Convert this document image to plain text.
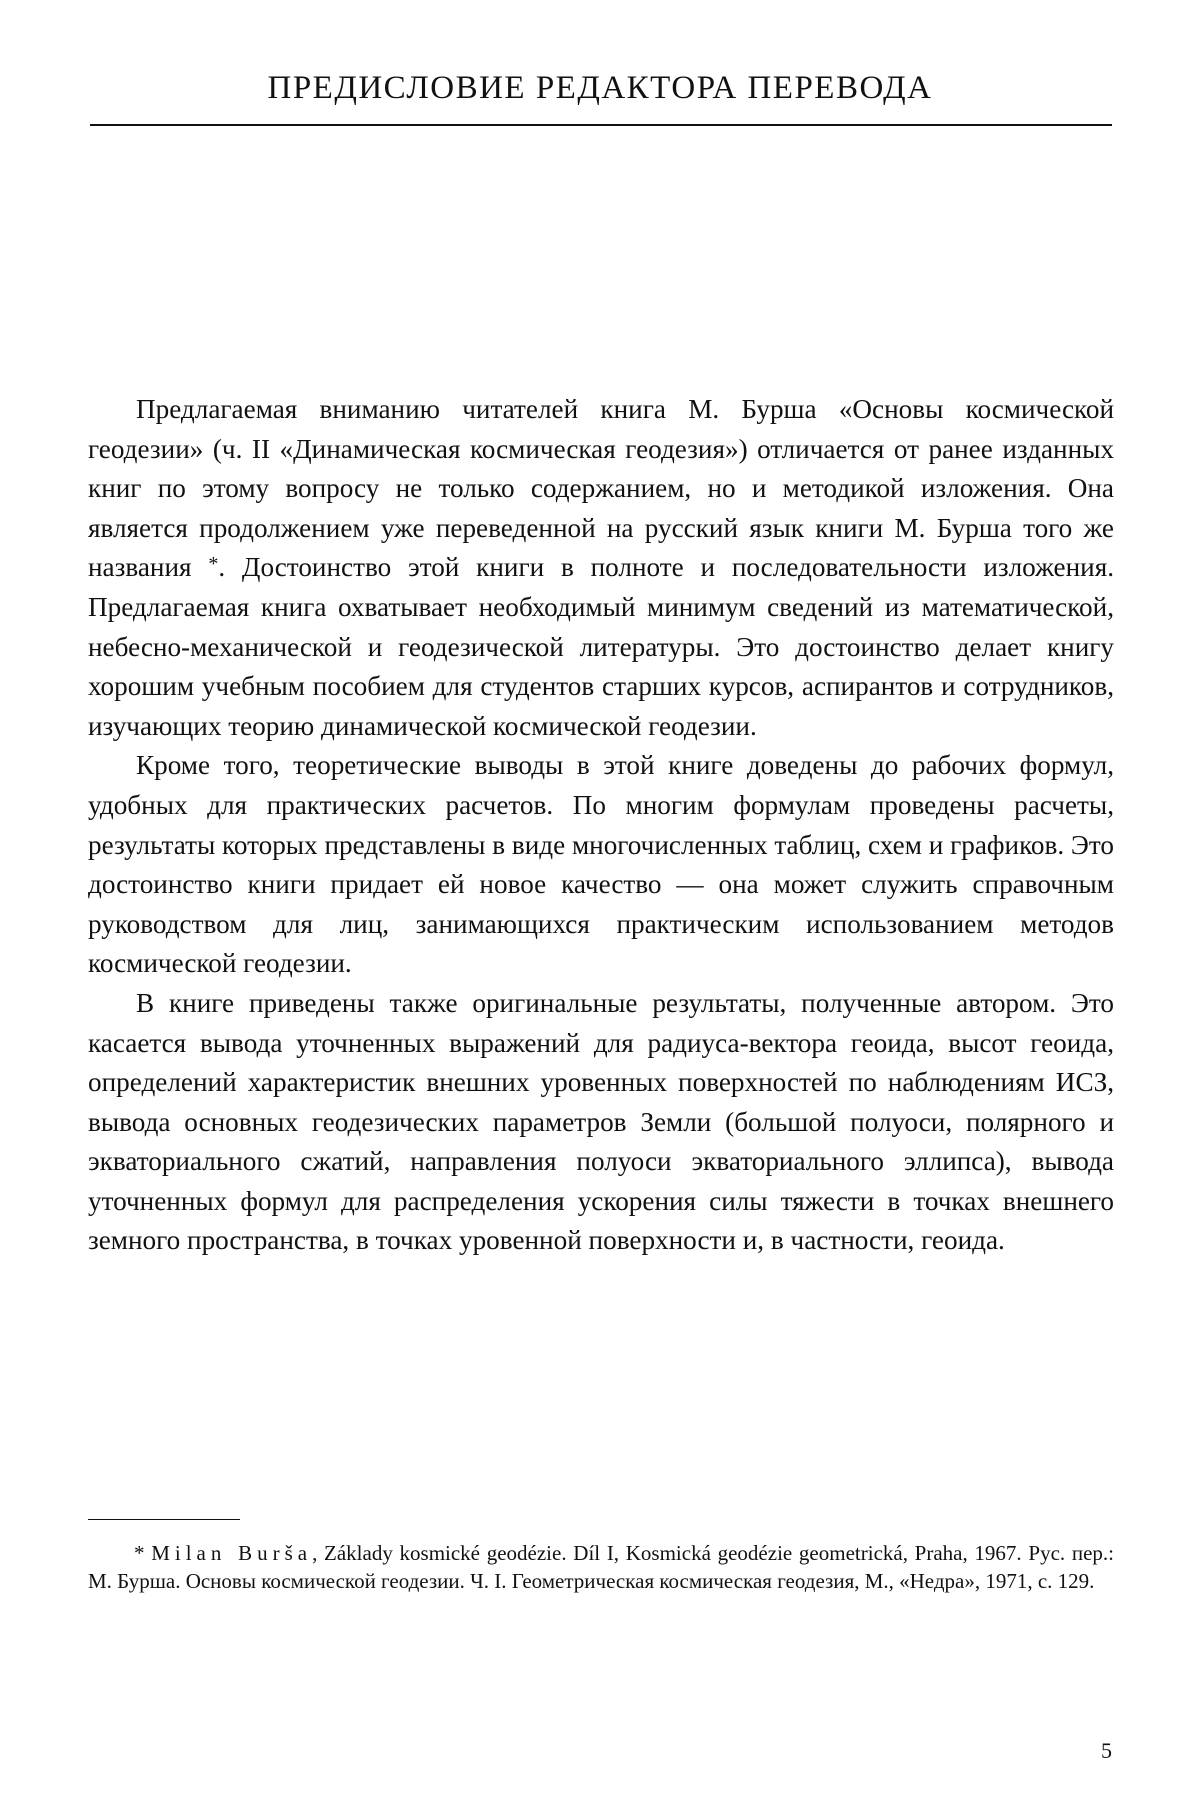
ПРЕДИСЛОВИЕ РЕДАКТОРА ПЕРЕВОДА

Предлагаемая вниманию читателей книга М. Бурша «Основы космической геодезии» (ч. II «Динамическая космическая геодезия») отличается от ранее изданных книг по этому вопросу не только содержанием, но и методикой изложения. Она является продолжением уже переведенной на русский язык книги М. Бурша того же названия *. Достоинство этой книги в полноте и последовательности изложения. Предлагаемая книга охватывает необходимый минимум сведений из математической, небесно-механической и геодезической литературы. Это достоинство делает книгу хорошим учебным пособием для студентов старших курсов, аспирантов и сотрудников, изучающих теорию динамической космической геодезии.

Кроме того, теоретические выводы в этой книге доведены до рабочих формул, удобных для практических расчетов. По многим формулам проведены расчеты, результаты которых представлены в виде многочисленных таблиц, схем и графиков. Это достоинство книги придает ей новое качество — она может служить справочным руководством для лиц, занимающихся практическим использованием методов космической геодезии.

В книге приведены также оригинальные результаты, полученные автором. Это касается вывода уточненных выражений для радиуса-вектора геоида, высот геоида, определений характеристик внешних уровенных поверхностей по наблюдениям ИСЗ, вывода основных геодезических параметров Земли (большой полуоси, полярного и экваториального сжатий, направления полуоси экваториального эллипса), вывода уточненных формул для распределения ускорения силы тяжести в точках внешнего земного пространства, в точках уровенной поверхности и, в частности, геоида.

* Milan Burša, Základy kosmické geodézie. Díl I, Kosmická geodézie geometrická, Praha, 1967. Рус. пер.: М. Бурша. Основы космической геодезии. Ч. I. Геометрическая космическая геодезия, М., «Недра», 1971, с. 129.

5
